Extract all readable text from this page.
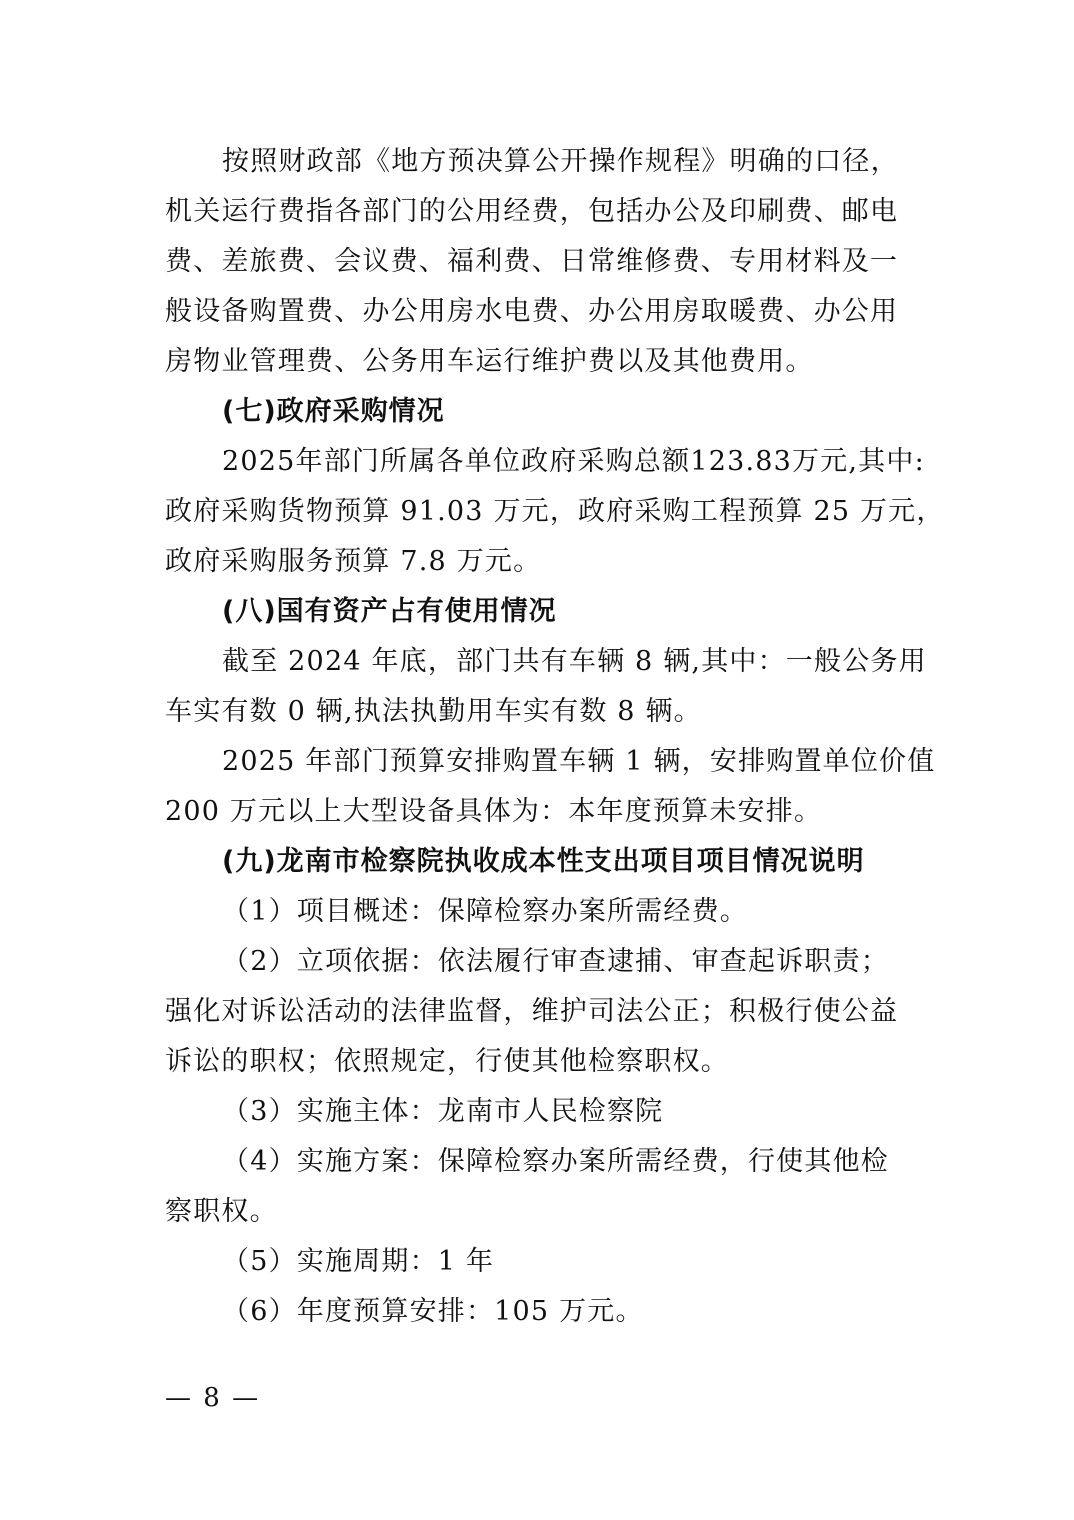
按照财政部《地方预决算公开操作规程》明确的口径，
机关运行费指各部门的公用经费，包括办公及印刷费、邮电
费、差旅费、会议费、福利费、日常维修费、专用材料及一
般设备购置费、办公用房水电费、办公用房取暖费、办公用
房物业管理费、公务用车运行维护费以及其他费用。

(七)政府采购情况

2025年部门所属各单位政府采购总额123.83万元,其中:
政府采购货物预算 91.03 万元，政府采购工程预算 25 万元，
政府采购服务预算 7.8 万元。

(八)国有资产占有使用情况

截至 2024 年底，部门共有车辆 8 辆,其中：一般公务用
车实有数 0 辆,执法执勤用车实有数 8 辆。

2025 年部门预算安排购置车辆 1 辆，安排购置单位价值
200 万元以上大型设备具体为：本年度预算未安排。

(九)龙南市检察院执收成本性支出项目项目情况说明

（1）项目概述：保障检察办案所需经费。

（2）立项依据：依法履行审查逮捕、审查起诉职责；
强化对诉讼活动的法律监督，维护司法公正；积极行使公益
诉讼的职权；依照规定，行使其他检察职权。

（3）实施主体：龙南市人民检察院

（4）实施方案：保障检察办案所需经费，行使其他检
察职权。

（5）实施周期：1 年

（6）年度预算安排：105 万元。

— 8 —
